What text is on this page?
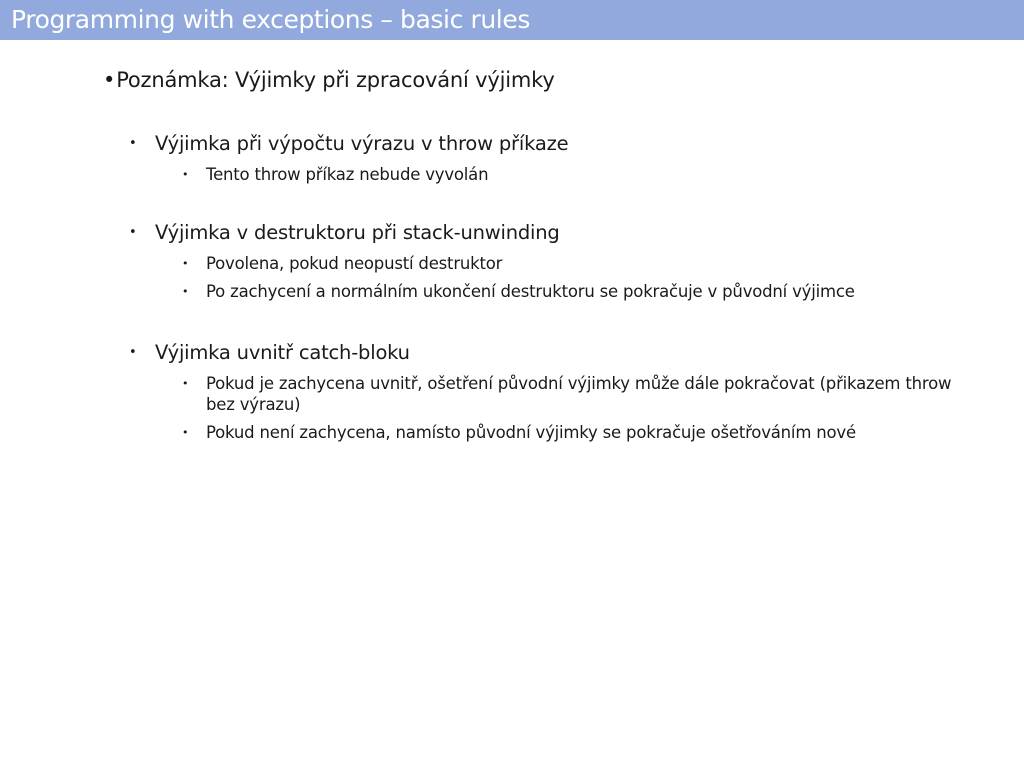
Programming with exceptions – basic rules
•Poznámka: Výjimky při zpracování výjimky
• Výjimka při výpočtu výrazu v throw příkaze
• Tento throw příkaz nebude vyvolán
• Výjimka v destruktoru při stack-unwinding
• Povolena, pokud neopustí destruktor
• Po zachycení a normálním ukončení destruktoru se pokračuje v původní výjimce
• Výjimka uvnitř catch-bloku
• Pokud je zachycena uvnitř, ošetření původní výjimky může dále pokračovat (přikazem throw bez výrazu)
• Pokud není zachycena, namísto původní výjimky se pokračuje ošetřováním nové
